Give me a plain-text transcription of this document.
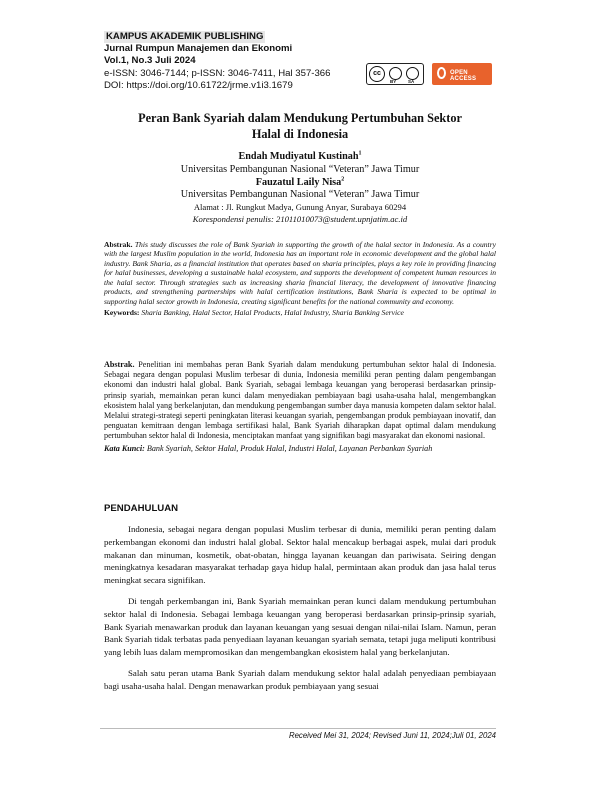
KAMPUS AKADEMIK PUBLISHING
Jurnal Rumpun Manajemen dan Ekonomi
Vol.1, No.3 Juli 2024
e-ISSN: 3046-7144; p-ISSN: 3046-7411, Hal 357-366
DOI: https://doi.org/10.61722/jrme.v1i3.1679
cc
BY	SA
OPEN ACCESS
Peran Bank Syariah dalam Mendukung Pertumbuhan Sektor
Halal di Indonesia
Endah Mudiyatul Kustinah$^1$
Universitas Pembangunan Nasional “Veteran” Jawa Timur
Fauzatul Laily Nisa$^2$
Universitas Pembangunan Nasional “Veteran” Jawa Timur
Alamat : Jl. Rungkut Madya, Gunung Anyar, Surabaya 60294
Korespondensi penulis: 21011010073@student.upnjatim.ac.id
Abstrak. This study discusses the role of Bank Syariah in supporting the growth of the halal sector in Indonesia. As a country with the largest Muslim population in the world, Indonesia has an important role in economic development and the global halal industry. Bank Sharia, as a financial institution that operates based on sharia principles, plays a key role in providing financing for halal businesses, developing a sustainable halal ecosystem, and supports the development of competent human resources in the halal sector. Through strategies such as increasing sharia financial literacy, the development of innovative financing products, and strengthening partnerships with halal certification institutions, Bank Sharia is expected to be optimal in supporting halal sector growth in Indonesia, creating significant benefits for the national community and economy.
Keywords: Sharia Banking, Halal Sector, Halal Products, Halal Industry, Sharia Banking Service
Abstrak. Penelitian ini membahas peran Bank Syariah dalam mendukung pertumbuhan sektor halal di Indonesia. Sebagai negara dengan populasi Muslim terbesar di dunia, Indonesia memiliki peran penting dalam pengembangan ekonomi dan industri halal global. Bank Syariah, sebagai lembaga keuangan yang beroperasi berdasarkan prinsip-prinsip syariah, memainkan peran kunci dalam menyediakan pembiayaan bagi usaha-usaha halal, mengembangkan ekosistem halal yang berkelanjutan, dan mendukung pengembangan sumber daya manusia kompeten dalam sektor halal. Melalui strategi-strategi seperti peningkatan literasi keuangan syariah, pengembangan produk pembiayaan inovatif, dan penguatan kemitraan dengan lembaga sertifikasi halal, Bank Syariah diharapkan dapat optimal dalam mendukung pertumbuhan sektor halal di Indonesia, menciptakan manfaat yang signifikan bagi masyarakat dan ekonomi nasional.
Kata Kunci: Bank Syariah, Sektor Halal, Produk Halal, Industri Halal, Layanan Perbankan Syariah
PENDAHULUAN

Indonesia, sebagai negara dengan populasi Muslim terbesar di dunia, memiliki peran penting dalam perkembangan ekonomi dan industri halal global. Sektor halal mencakup berbagai aspek, mulai dari produk makanan dan minuman, kosmetik, obat-obatan, hingga layanan keuangan dan pariwisata. Seiring dengan meningkatnya kesadaran masyarakat terhadap gaya hidup halal, permintaan akan produk dan jasa halal terus meningkat secara signifikan.

Di tengah perkembangan ini, Bank Syariah memainkan peran kunci dalam mendukung pertumbuhan sektor halal di Indonesia. Sebagai lembaga keuangan yang beroperasi berdasarkan prinsip-prinsip syariah, Bank Syariah menawarkan produk dan layanan keuangan yang sesuai dengan nilai-nilai Islam. Namun, peran Bank Syariah tidak terbatas pada penyediaan layanan keuangan syariah semata, tetapi juga meliputi kontribusi yang lebih luas dalam mempromosikan dan mengembangkan ekosistem halal yang berkelanjutan.

Salah satu peran utama Bank Syariah dalam mendukung sektor halal adalah penyediaan pembiayaan bagi usaha-usaha halal. Dengan menawarkan produk pembiayaan yang sesuai

Received Mei 31, 2024; Revised Juni 11, 2024;Juli 01, 2024
